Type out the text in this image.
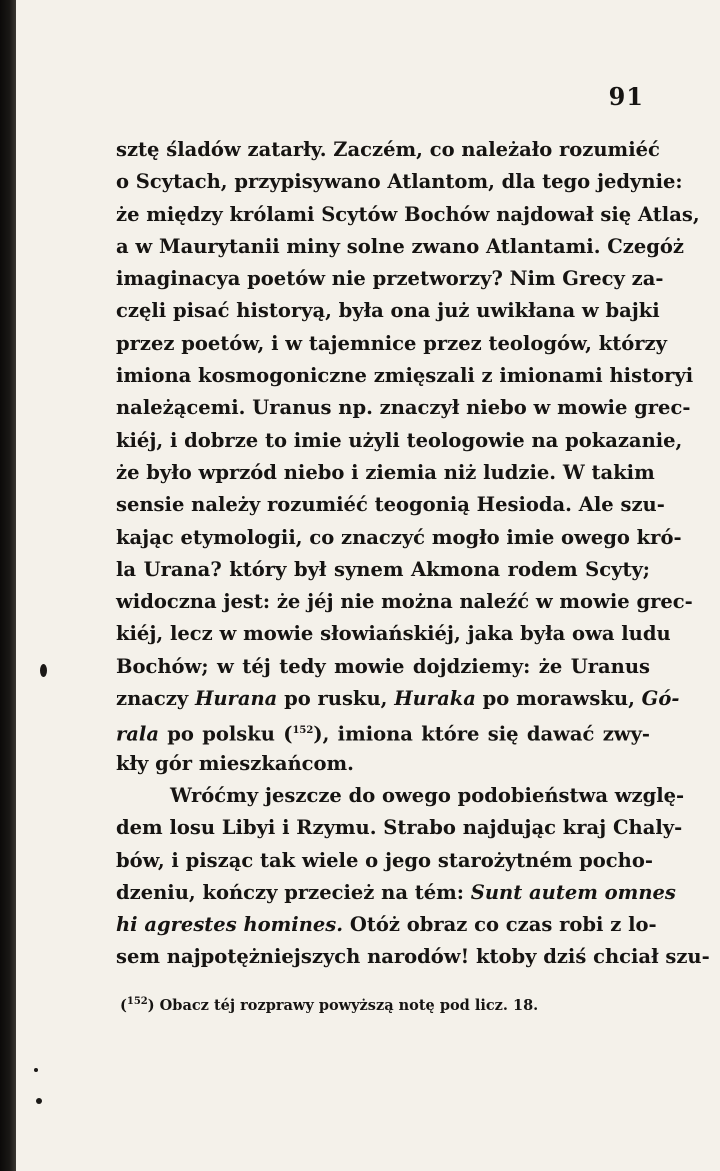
91
sztę śladów zatarły. Zaczém, co należało rozumiéć
o Scytach, przypisywano Atlantom, dla tego jedynie:
że między królami Scytów Bochów najdował się Atlas,
a w Maurytanii miny solne zwano Atlantami. Czegóż
imaginacya poetów nie przetworzy? Nim Grecy za-
częli pisać historyą, była ona już uwikłana w bajki
przez poetów, i w tajemnice przez teologów, którzy
imiona kosmogoniczne zmięszali z imionami historyi
należącemi. Uranus np. znaczył niebo w mowie grec-
kiéj, i dobrze to imie użyli teologowie na pokazanie,
że było wprzód niebo i ziemia niż ludzie. W takim
sensie należy rozumiéć teogonią Hesioda. Ale szu-
kając etymologii, co znaczyć mogło imie owego kró-
la Urana? który był synem Akmona rodem Scyty;
widoczna jest: że jéj nie można naleźć w mowie grec-
kiéj, lecz w mowie słowiańskiéj, jaka była owa ludu
Bochów; w téj tedy mowie dojdziemy: że Uranus
znaczy Hurana po rusku, Huraka po morawsku, Gó-
rala po polsku ($^{152}$), imiona które się dawać zwy-
kły gór mieszkańcom.
Wróćmy jeszcze do owego podobieństwa wzglę-
dem losu Libyi i Rzymu. Strabo najdując kraj Chaly-
bów, i pisząc tak wiele o jego starożytném pocho-
dzeniu, kończy przecież na tém: Sunt autem omnes
hi agrestes homines. Otóż obraz co czas robi z lo-
sem najpotężniejszych narodów! ktoby dziś chciał szu-
($^{152}$) Obacz téj rozprawy powyższą notę pod licz. 18.
